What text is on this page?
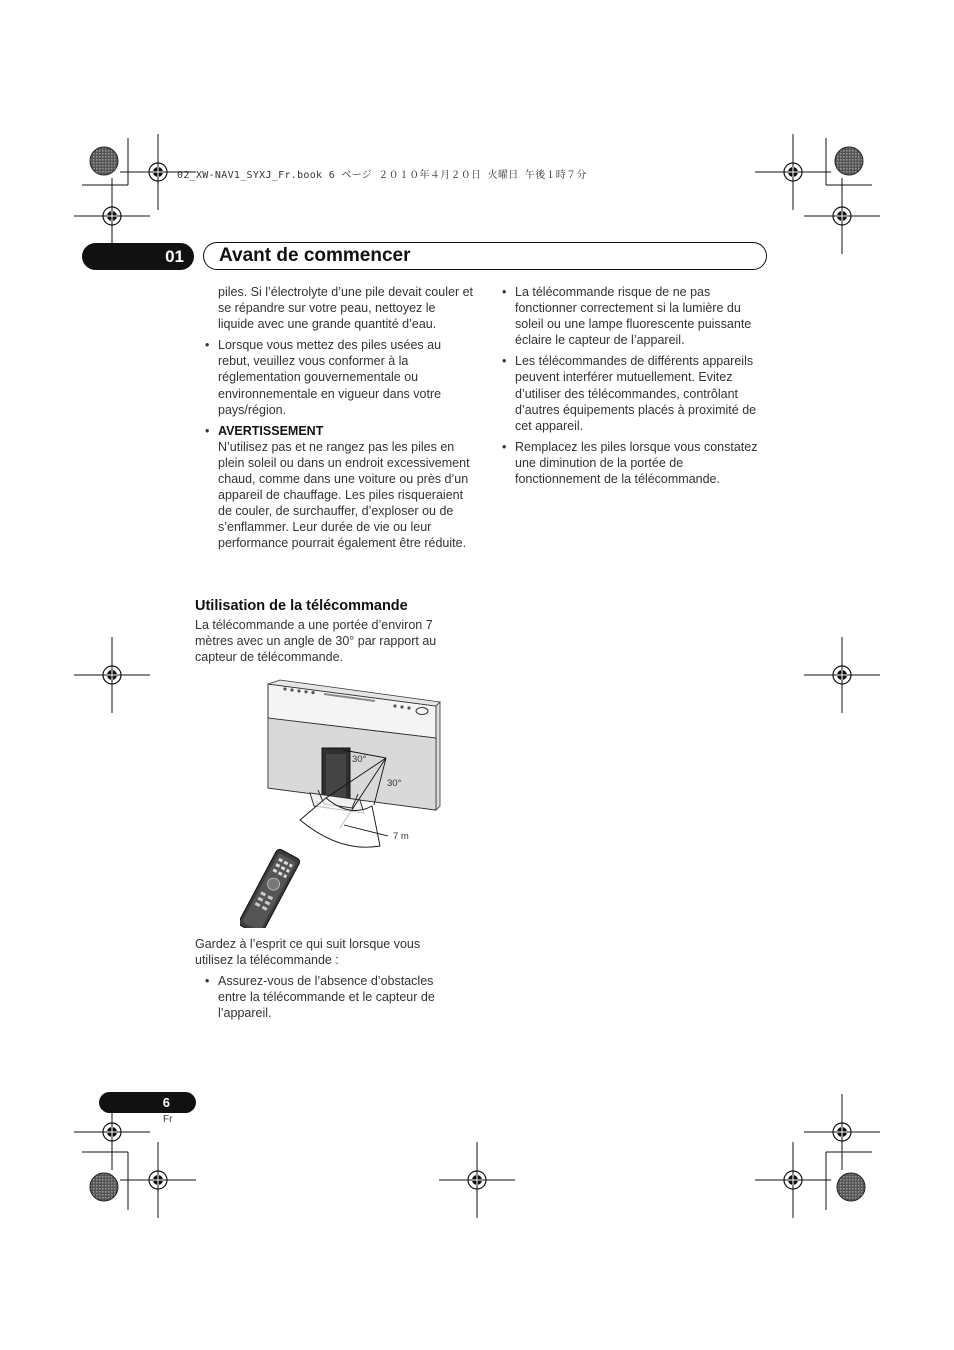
02_XW-NAV1_SYXJ_Fr.book 6 ページ ２０１０年４月２０日 火曜日 午後１時７分
01	Avant de commencer

piles. Si l’électrolyte d’une pile devait couler et se répandre sur votre peau, nettoyez le liquide avec une grande quantité d’eau.

• Lorsque vous mettez des piles usées au rebut, veuillez vous conformer à la réglementation gouvernementale ou environnementale en vigueur dans votre pays/région.
• AVERTISSEMENT
N’utilisez pas et ne rangez pas les piles en plein soleil ou dans un endroit excessivement chaud, comme dans une voiture ou près d’un appareil de chauffage. Les piles risqueraient de couler, de surchauffer, d’exploser ou de s’enflammer. Leur durée de vie ou leur performance pourrait également être réduite.
Utilisation de la télécommande
La télécommande a une portée d’environ 7 mètres avec un angle de 30° par rapport au capteur de télécommande.
30°
30°
7 m
Gardez à l’esprit ce qui suit lorsque vous utilisez la télécommande :
• Assurez-vous de l’absence d’obstacles entre la télécommande et le capteur de l’appareil.
• La télécommande risque de ne pas fonctionner correctement si la lumière du soleil ou une lampe fluorescente puissante éclaire le capteur de l’appareil.
• Les télécommandes de différents appareils peuvent interférer mutuellement. Evitez d’utiliser des télécommandes, contrôlant d’autres équipements placés à proximité de cet appareil.
• Remplacez les piles lorsque vous constatez une diminution de la portée de fonctionnement de la télécommande.
6
Fr
